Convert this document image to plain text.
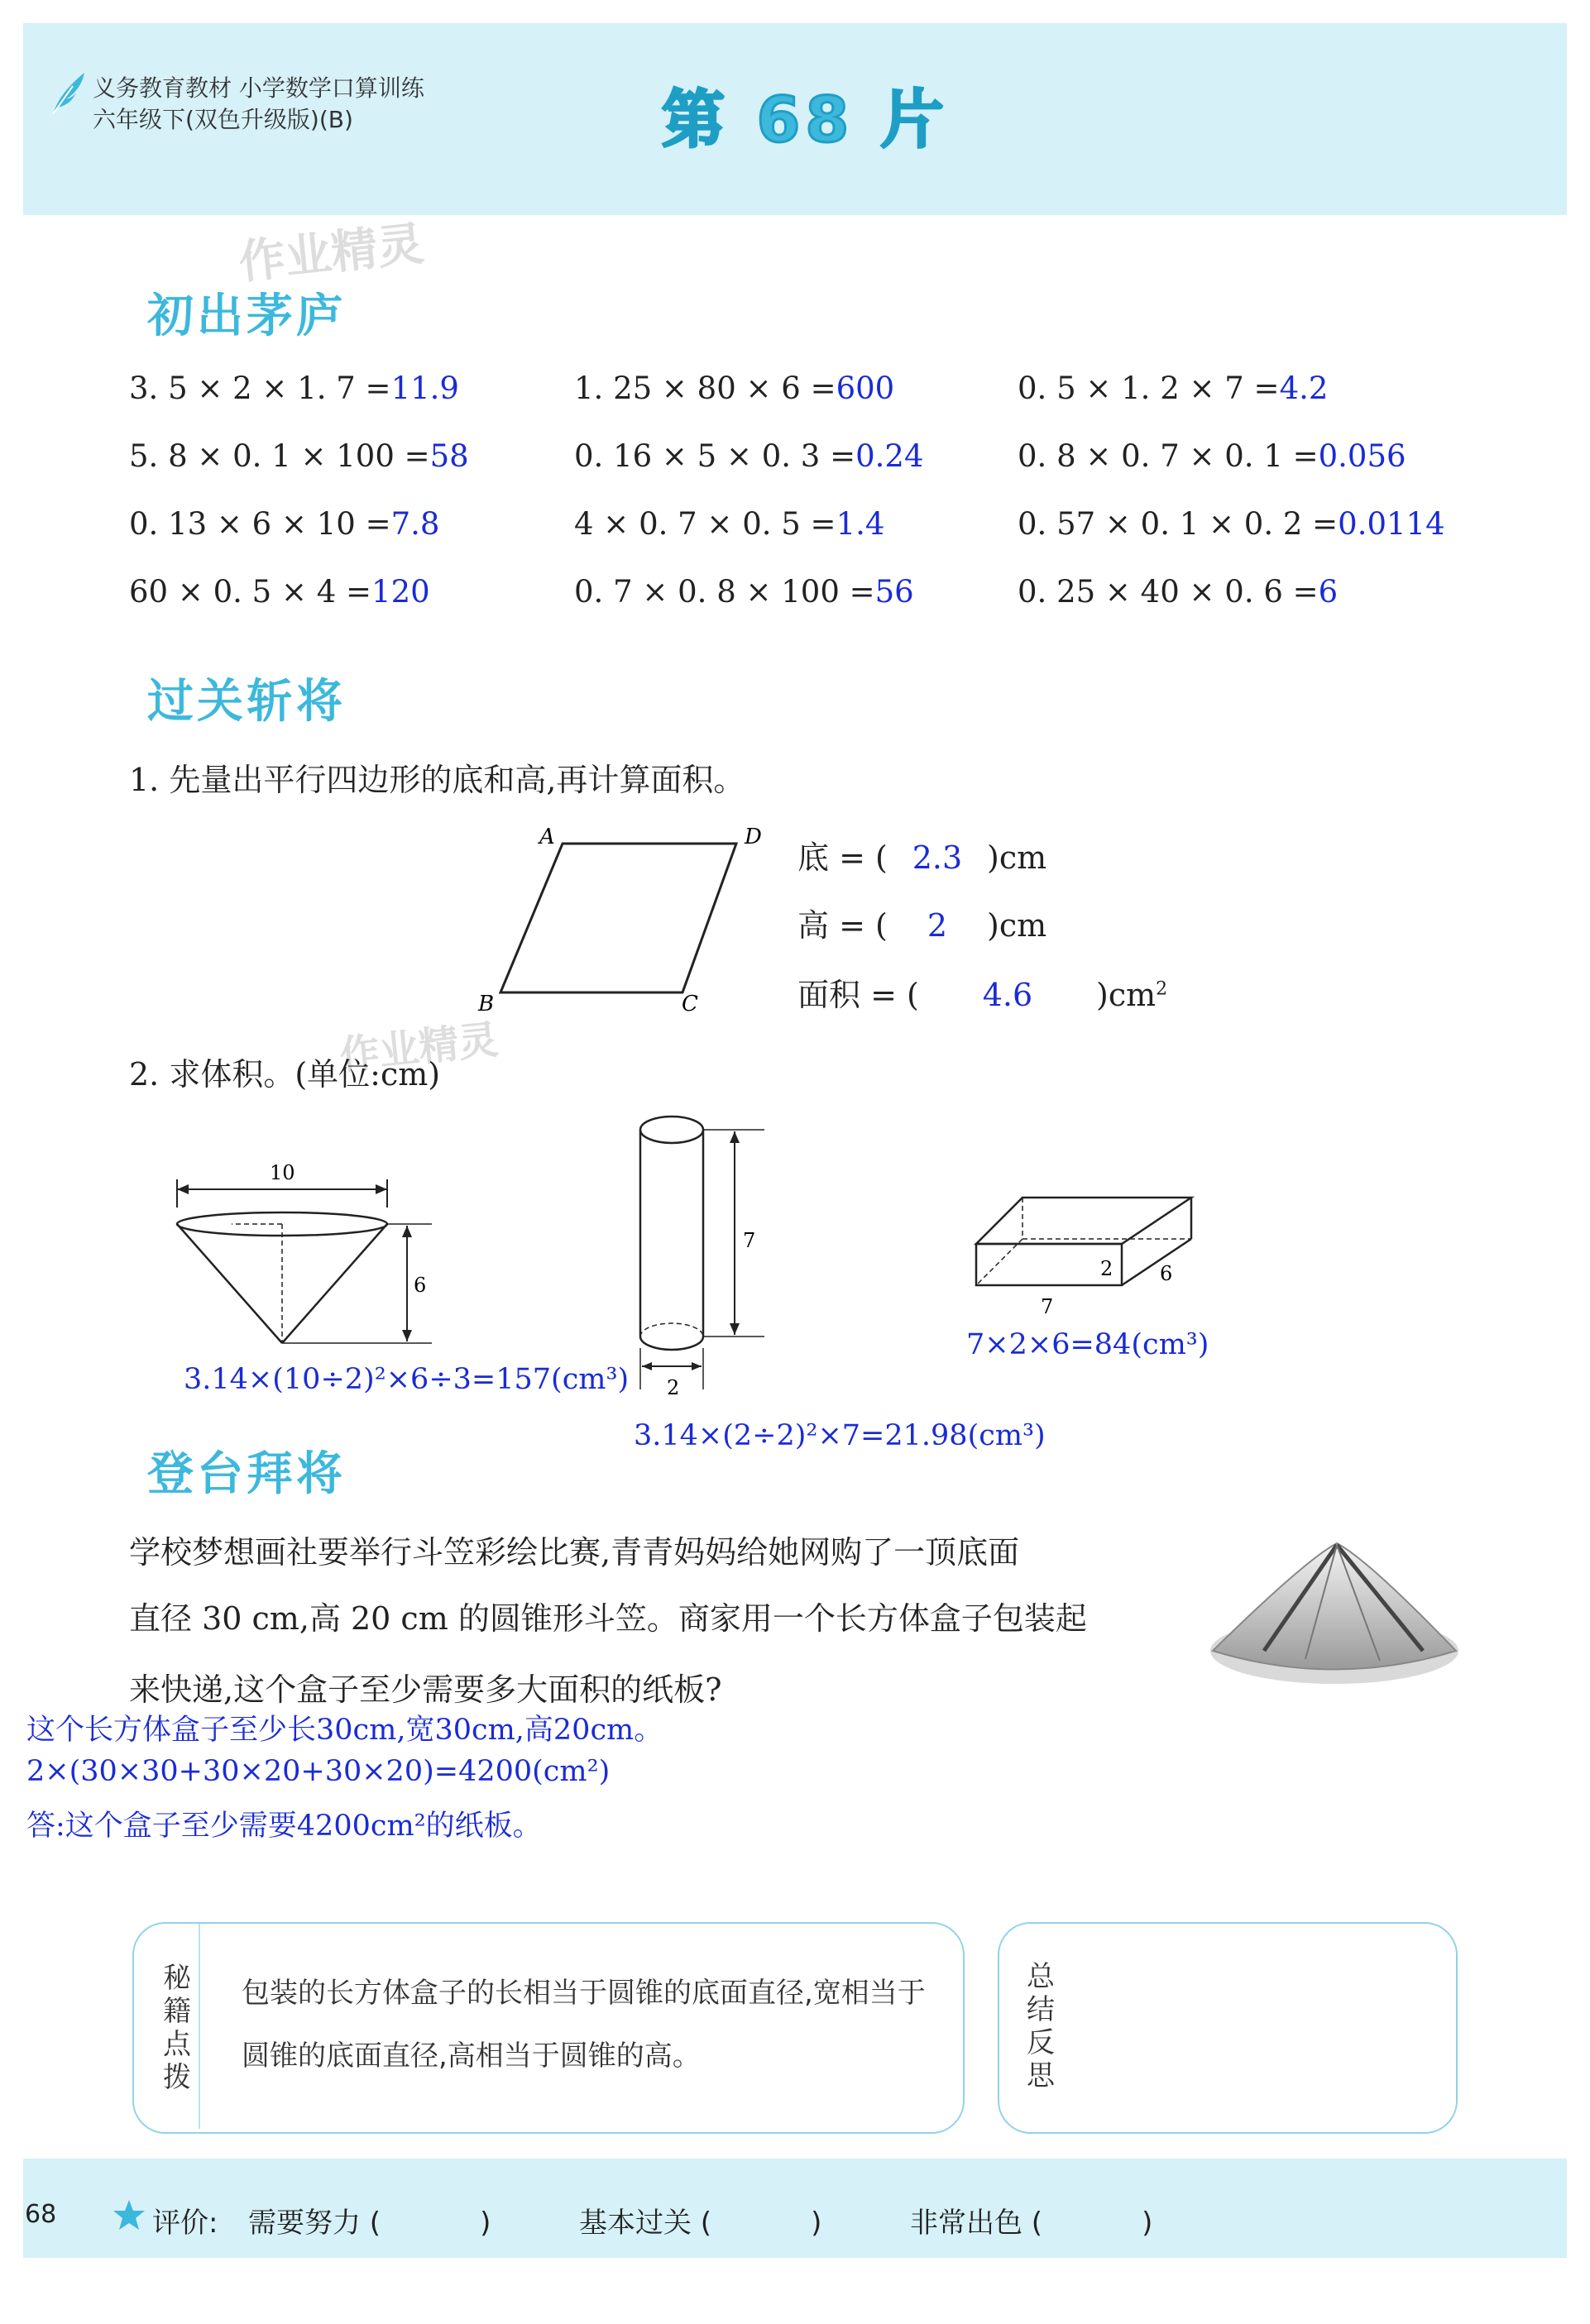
义务教育教材 小学数学口算训练
六年级下(双色升级版)(B)	第 68 片
作业精灵
作业精灵
初出茅庐
3. 5 × 2 × 1. 7 =11.9	1. 25 × 80 × 6 =600	0. 5 × 1. 2 × 7 =4.2
5. 8 × 0. 1 × 100 =58	0. 16 × 5 × 0. 3 =0.24	0. 8 × 0. 7 × 0. 1 =0.056
0. 13 × 6 × 10 =7.8	4 × 0. 7 × 0. 5 =1.4	0. 57 × 0. 1 × 0. 2 =0.0114
60 × 0. 5 × 4 =120	0. 7 × 0. 8 × 100 =56	0. 25 × 40 × 0. 6 =6
过关斩将
1. 先量出平行四边形的底和高,再计算面积。
A	D
B	C
底 = ( 2.3 )cm
高 = ( 2 )cm
面积 = ( 4.6 )$cm^2$
2. 求体积。(单位:cm)
10
6
3.14×(10÷2)²×6÷3=157(cm³)
7
2
3.14×(2÷2)²×7=21.98(cm³)
2 6
7
7×2×6=84(cm³)
登台拜将
学校梦想画社要举行斗笠彩绘比赛,青青妈妈给她网购了一顶底面
直径 30 cm,高 20 cm 的圆锥形斗笠。商家用一个长方体盒子包装起
来快递,这个盒子至少需要多大面积的纸板?
这个长方体盒子至少长30cm,宽30cm,高20cm。
2×(30×30+30×20+30×20)=4200(cm²)
答:这个盒子至少需要4200cm²的纸板。
秘
籍
点
拨
包装的长方体盒子的长相当于圆锥的底面直径,宽相当于圆锥的底面直径,高相当于圆锥的高。
总
结
反
思
68	评价: 需要努力 (	)	基本过关 (	)	非常出色 (	)
